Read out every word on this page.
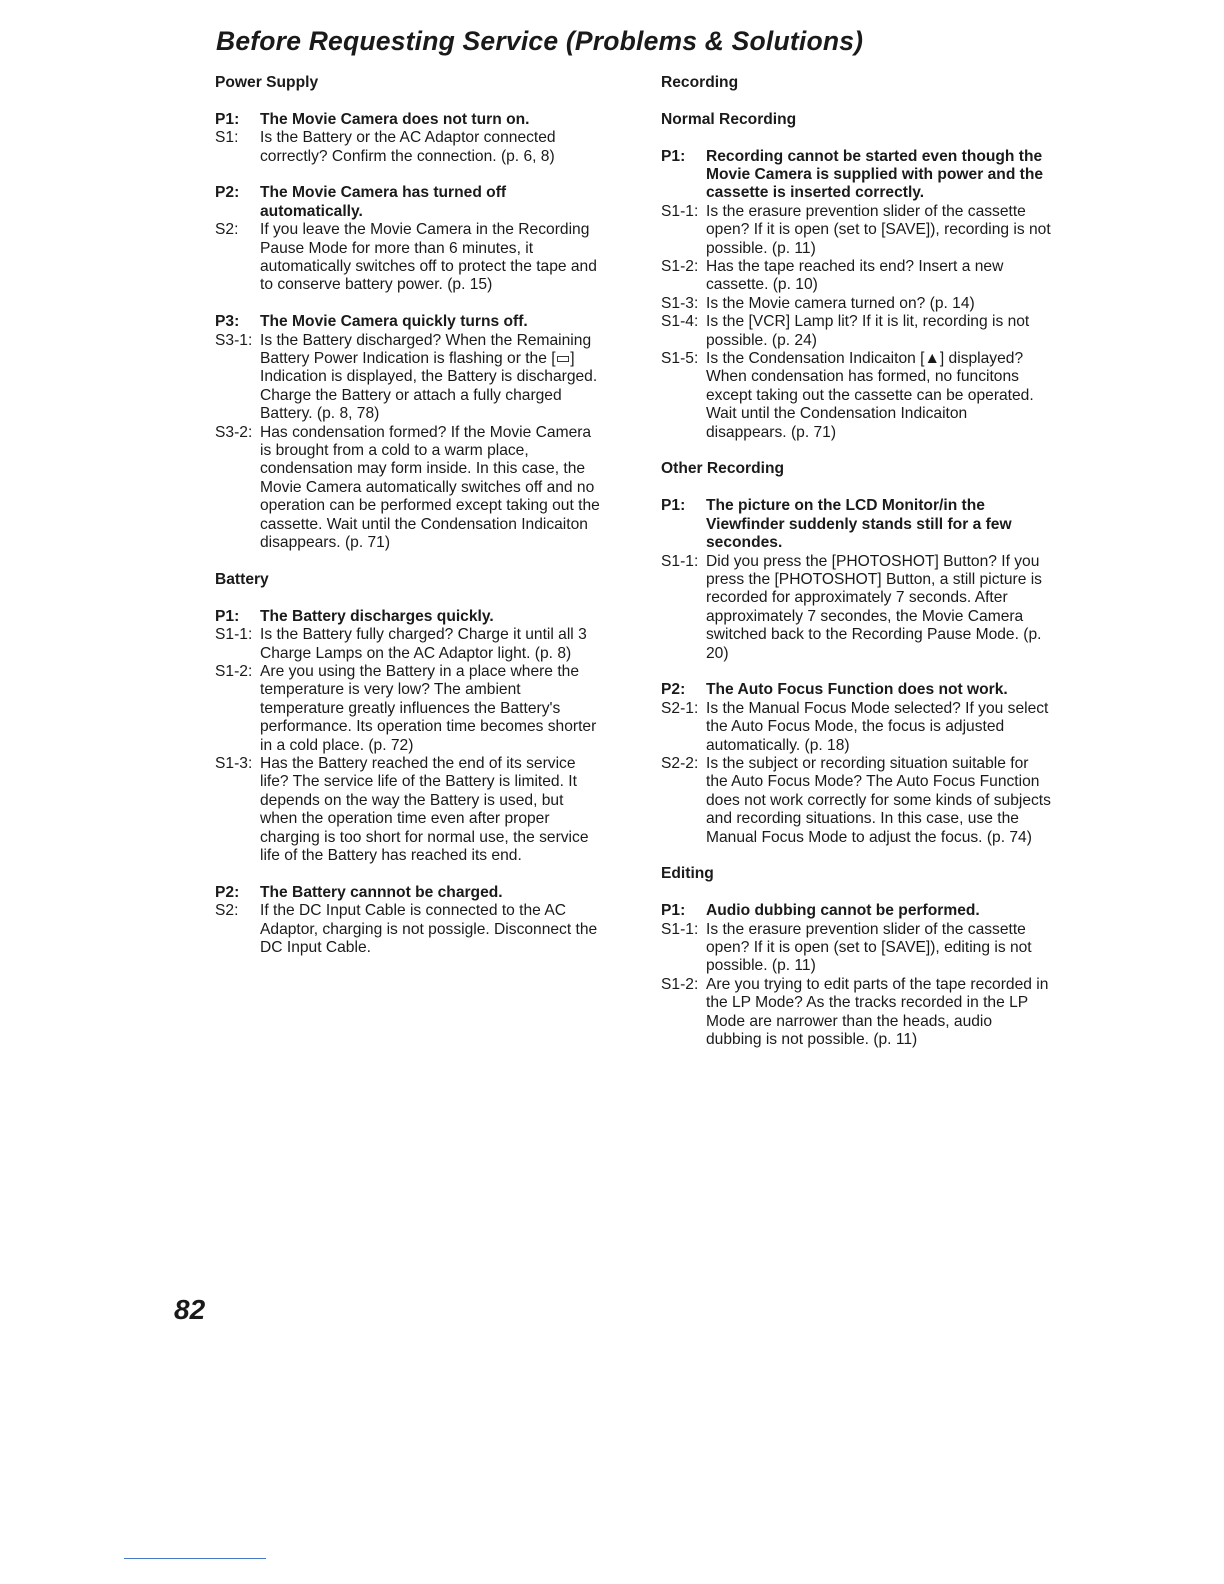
Before Requesting Service (Problems & Solutions)
Power Supply
P1:	The Movie Camera does not turn on.
S1:	Is the Battery or the AC Adaptor connected correctly? Confirm the connection. (p. 6, 8)
P2:	The Movie Camera has turned off automatically.
S2:	If you leave the Movie Camera in the Recording Pause Mode for more than 6 minutes, it automatically switches off to protect the tape and to conserve battery power. (p. 15)
P3:	The Movie Camera quickly turns off.
S3-1: Is the Battery discharged? When the Remaining Battery Power Indication is flashing or the [▭] Indication is displayed, the Battery is discharged. Charge the Battery or attach a fully charged Battery. (p. 8, 78)
S3-2: Has condensation formed? If the Movie Camera is brought from a cold to a warm place, condensation may form inside. In this case, the Movie Camera automatically switches off and no operation can be performed except taking out the cassette. Wait until the Condensation Indicaiton disappears. (p. 71)
Battery
P1:	The Battery discharges quickly.
S1-1: Is the Battery fully charged? Charge it until all 3 Charge Lamps on the AC Adaptor light. (p. 8)
S1-2: Are you using the Battery in a place where the temperature is very low? The ambient temperature greatly influences the Battery's performance. Its operation time becomes shorter in a cold place. (p. 72)
S1-3: Has the Battery reached the end of its service life? The service life of the Battery is limited. It depends on the way the Battery is used, but when the operation time even after proper charging is too short for normal use, the service life of the Battery has reached its end.
P2:	The Battery cannnot be charged.
S2:	If the DC Input Cable is connected to the AC Adaptor, charging is not possigle. Disconnect the DC Input Cable.
Recording
Normal Recording
P1:	Recording cannot be started even though the Movie Camera is supplied with power and the cassette is inserted correctly.
S1-1: Is the erasure prevention slider of the cassette open? If it is open (set to [SAVE]), recording is not possible. (p. 11)
S1-2: Has the tape reached its end? Insert a new cassette. (p. 10)
S1-3: Is the Movie camera turned on? (p. 14)
S1-4: Is the [VCR] Lamp lit? If it is lit, recording is not possible. (p. 24)
S1-5: Is the Condensation Indicaiton [▲] displayed? When condensation has formed, no funcitons except taking out the cassette can be operated. Wait until the Condensation Indicaiton disappears. (p. 71)
Other Recording
P1:	The picture on the LCD Monitor/in the Viewfinder suddenly stands still for a few secondes.
S1-1: Did you press the [PHOTOSHOT] Button? If you press the [PHOTOSHOT] Button, a still picture is recorded for approximately 7 seconds. After approximately 7 secondes, the Movie Camera switched back to the Recording Pause Mode. (p. 20)
P2:	The Auto Focus Function does not work.
S2-1: Is the Manual Focus Mode selected? If you select the Auto Focus Mode, the focus is adjusted automatically. (p. 18)
S2-2: Is the subject or recording situation suitable for the Auto Focus Mode? The Auto Focus Function does not work correctly for some kinds of subjects and recording situations. In this case, use the Manual Focus Mode to adjust the focus. (p. 74)
Editing
P1:	Audio dubbing cannot be performed.
S1-1: Is the erasure prevention slider of the cassette open? If it is open (set to [SAVE]), editing is not possible. (p. 11)
S1-2: Are you trying to edit parts of the tape recorded in the LP Mode? As the tracks recorded in the LP Mode are narrower than the heads, audio dubbing is not possible. (p. 11)
82
